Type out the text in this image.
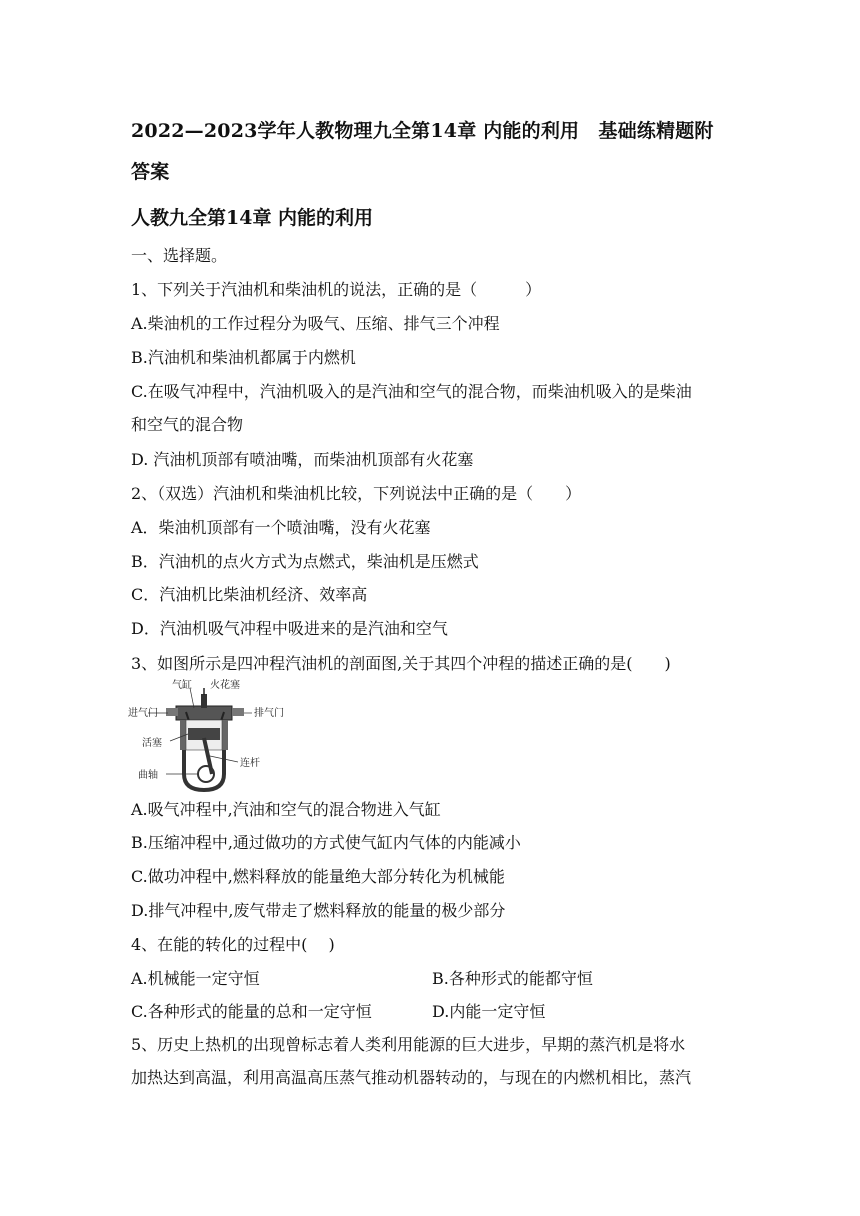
2022—2023学年人教物理九全第14章 内能的利用　基础练精题附
答案
人教九全第14章 内能的利用
一、选择题。
1、下列关于汽油机和柴油机的说法，正确的是（　　　）
A.柴油机的工作过程分为吸气、压缩、排气三个冲程
B.汽油机和柴油机都属于内燃机
C.在吸气冲程中，汽油机吸入的是汽油和空气的混合物，而柴油机吸入的是柴油
和空气的混合物
D. 汽油机顶部有喷油嘴，而柴油机顶部有火花塞
2、（双选）汽油机和柴油机比较，下列说法中正确的是（　　）
A．柴油机顶部有一个喷油嘴，没有火花塞
B．汽油机的点火方式为点燃式，柴油机是压燃式
C．汽油机比柴油机经济、效率高
D．汽油机吸气冲程中吸进来的是汽油和空气
3、如图所示是四冲程汽油机的剖面图,关于其四个冲程的描述正确的是(　　)
气缸 火花塞
进气门	排气门
活塞
连杆
曲轴
A.吸气冲程中,汽油和空气的混合物进入气缸
B.压缩冲程中,通过做功的方式使气缸内气体的内能减小
C.做功冲程中,燃料释放的能量绝大部分转化为机械能
D.排气冲程中,废气带走了燃料释放的能量的极少部分
4、在能的转化的过程中(　 )
A.机械能一定守恒	B.各种形式的能都守恒
C.各种形式的能量的总和一定守恒	D.内能一定守恒
5、历史上热机的出现曾标志着人类利用能源的巨大进步，早期的蒸汽机是将水
加热达到高温，利用高温高压蒸气推动机器转动的，与现在的内燃机相比，蒸汽
